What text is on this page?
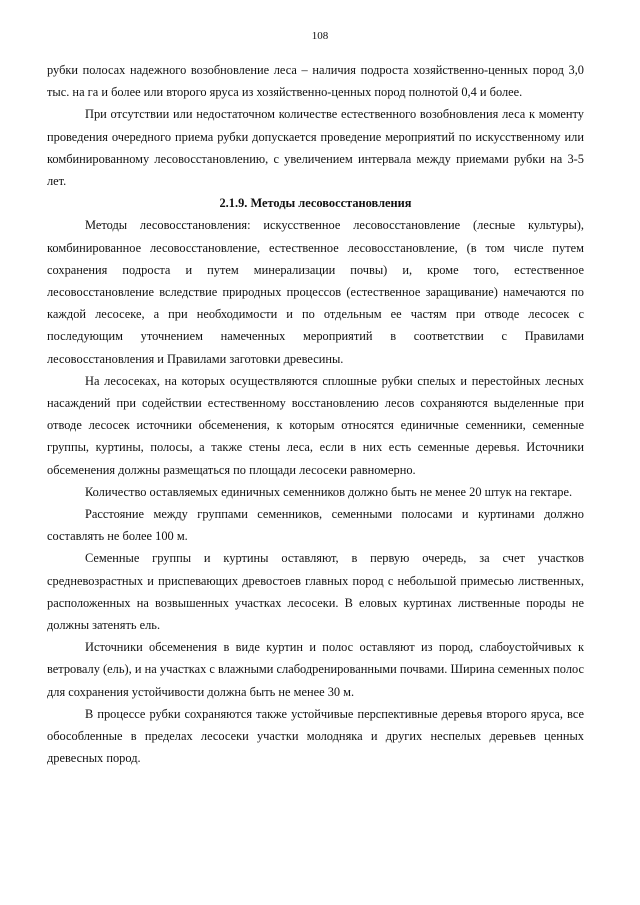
108

рубки полосах надежного возобновление леса – наличия подроста хозяйственно-ценных пород 3,0 тыс. на га и более или второго яруса из хозяйственно-ценных пород полнотой 0,4 и более.

При отсутствии или недостаточном количестве естественного возобновления леса к моменту проведения очередного приема рубки допускается проведение мероприятий по искусственному или комбинированному лесовосстановлению, с увеличением интервала между приемами рубки на 3-5 лет.

2.1.9. Методы лесовосстановления

Методы лесовосстановления: искусственное лесовосстановление (лесные культуры), комбинированное лесовосстановление, естественное лесовосстановление, (в том числе путем сохранения подроста и путем минерализации почвы) и, кроме того, естественное лесовосстановление вследствие природных процессов (естественное заращивание) намечаются по каждой лесосеке, а при необходимости и по отдельным ее частям при отводе лесосек с последующим уточнением намеченных мероприятий в соответствии с Правилами лесовосстановления и Правилами заготовки древесины.

На лесосеках, на которых осуществляются сплошные рубки спелых и перестойных лесных насаждений при содействии естественному восстановлению лесов сохраняются выделенные при отводе лесосек источники обсеменения, к которым относятся единичные семенники, семенные группы, куртины, полосы, а также стены леса, если в них есть семенные деревья. Источники обсеменения должны размещаться по площади лесосеки равномерно.

Количество оставляемых единичных семенников должно быть не менее 20 штук на гектаре.

Расстояние между группами семенников, семенными полосами и куртинами должно составлять не более 100 м.

Семенные группы и куртины оставляют, в первую очередь, за счет участков средневозрастных и приспевающих древостоев главных пород с небольшой примесью лиственных, расположенных на возвышенных участках лесосеки. В еловых куртинах лиственные породы не должны затенять ель.

Источники обсеменения в виде куртин и полос оставляют из пород, слабоустойчивых к ветровалу (ель), и на участках с влажными слабодренированными почвами. Ширина семенных полос для сохранения устойчивости должна быть не менее 30 м.

В процессе рубки сохраняются также устойчивые перспективные деревья второго яруса, все обособленные в пределах лесосеки участки молодняка и других неспелых деревьев ценных древесных пород.
